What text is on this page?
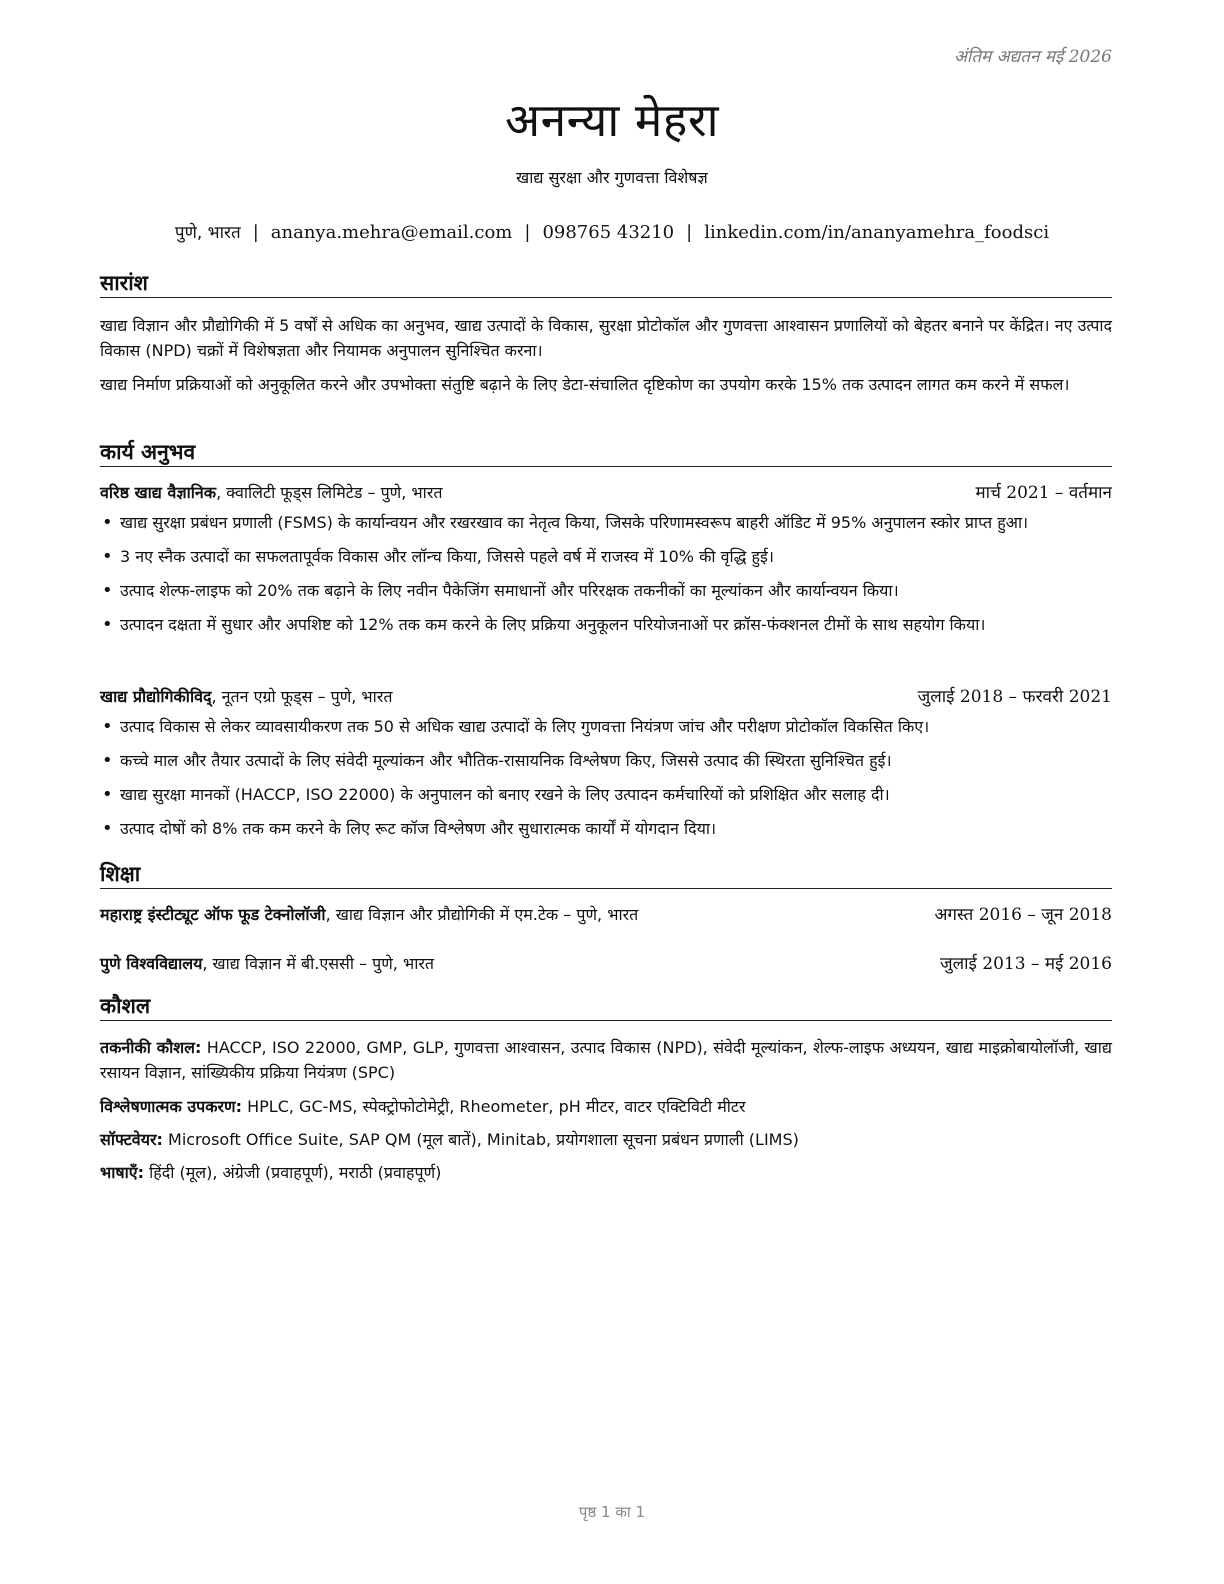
अंतिम अद्यतन मई 2026
अनन्या मेहरा
खाद्य सुरक्षा और गुणवत्ता विशेषज्ञ
पुणे, भारत | ananya.mehra@email.com | 098765 43210 | linkedin.com/in/ananyamehra_foodsci
सारांश

खाद्य विज्ञान और प्रौद्योगिकी में 5 वर्षों से अधिक का अनुभव, खाद्य उत्पादों के विकास, सुरक्षा प्रोटोकॉल और गुणवत्ता आश्वासन प्रणालियों को बेहतर बनाने पर केंद्रित। नए उत्पाद विकास (NPD) चक्रों में विशेषज्ञता और नियामक अनुपालन सुनिश्चित करना।

खाद्य निर्माण प्रक्रियाओं को अनुकूलित करने और उपभोक्ता संतुष्टि बढ़ाने के लिए डेटा-संचालित दृष्टिकोण का उपयोग करके 15% तक उत्पादन लागत कम करने में सफल।

कार्य अनुभव
वरिष्ठ खाद्य वैज्ञानिक, क्वालिटी फूड्स लिमिटेड – पुणे, भारत	मार्च 2021 – वर्तमान
• खाद्य सुरक्षा प्रबंधन प्रणाली (FSMS) के कार्यान्वयन और रखरखाव का नेतृत्व किया, जिसके परिणामस्वरूप बाहरी ऑडिट में 95% अनुपालन स्कोर प्राप्त हुआ।
• 3 नए स्नैक उत्पादों का सफलतापूर्वक विकास और लॉन्च किया, जिससे पहले वर्ष में राजस्व में 10% की वृद्धि हुई।
• उत्पाद शेल्फ-लाइफ को 20% तक बढ़ाने के लिए नवीन पैकेजिंग समाधानों और परिरक्षक तकनीकों का मूल्यांकन और कार्यान्वयन किया।
• उत्पादन दक्षता में सुधार और अपशिष्ट को 12% तक कम करने के लिए प्रक्रिया अनुकूलन परियोजनाओं पर क्रॉस-फंक्शनल टीमों के साथ सहयोग किया।
खाद्य प्रौद्योगिकीविद्, नूतन एग्रो फूड्स – पुणे, भारत	जुलाई 2018 – फरवरी 2021
• उत्पाद विकास से लेकर व्यावसायीकरण तक 50 से अधिक खाद्य उत्पादों के लिए गुणवत्ता नियंत्रण जांच और परीक्षण प्रोटोकॉल विकसित किए।
• कच्चे माल और तैयार उत्पादों के लिए संवेदी मूल्यांकन और भौतिक-रासायनिक विश्लेषण किए, जिससे उत्पाद की स्थिरता सुनिश्चित हुई।
• खाद्य सुरक्षा मानकों (HACCP, ISO 22000) के अनुपालन को बनाए रखने के लिए उत्पादन कर्मचारियों को प्रशिक्षित और सलाह दी।
• उत्पाद दोषों को 8% तक कम करने के लिए रूट कॉज विश्लेषण और सुधारात्मक कार्यों में योगदान दिया।
शिक्षा
महाराष्ट्र इंस्टीट्यूट ऑफ फूड टेक्नोलॉजी, खाद्य विज्ञान और प्रौद्योगिकी में एम.टेक – पुणे, भारत	अगस्त 2016 – जून 2018
पुणे विश्वविद्यालय, खाद्य विज्ञान में बी.एससी – पुणे, भारत	जुलाई 2013 – मई 2016
कौशल
तकनीकी कौशल: HACCP, ISO 22000, GMP, GLP, गुणवत्ता आश्वासन, उत्पाद विकास (NPD), संवेदी मूल्यांकन, शेल्फ-लाइफ अध्ययन, खाद्य माइक्रोबायोलॉजी, खाद्य रसायन विज्ञान, सांख्यिकीय प्रक्रिया नियंत्रण (SPC)
विश्लेषणात्मक उपकरण: HPLC, GC-MS, स्पेक्ट्रोफोटोमेट्री, Rheometer, pH मीटर, वाटर एक्टिविटी मीटर
सॉफ्टवेयर: Microsoft Office Suite, SAP QM (मूल बातें), Minitab, प्रयोगशाला सूचना प्रबंधन प्रणाली (LIMS)
भाषाएँ: हिंदी (मूल), अंग्रेजी (प्रवाहपूर्ण), मराठी (प्रवाहपूर्ण)
पृष्ठ 1 का 1
